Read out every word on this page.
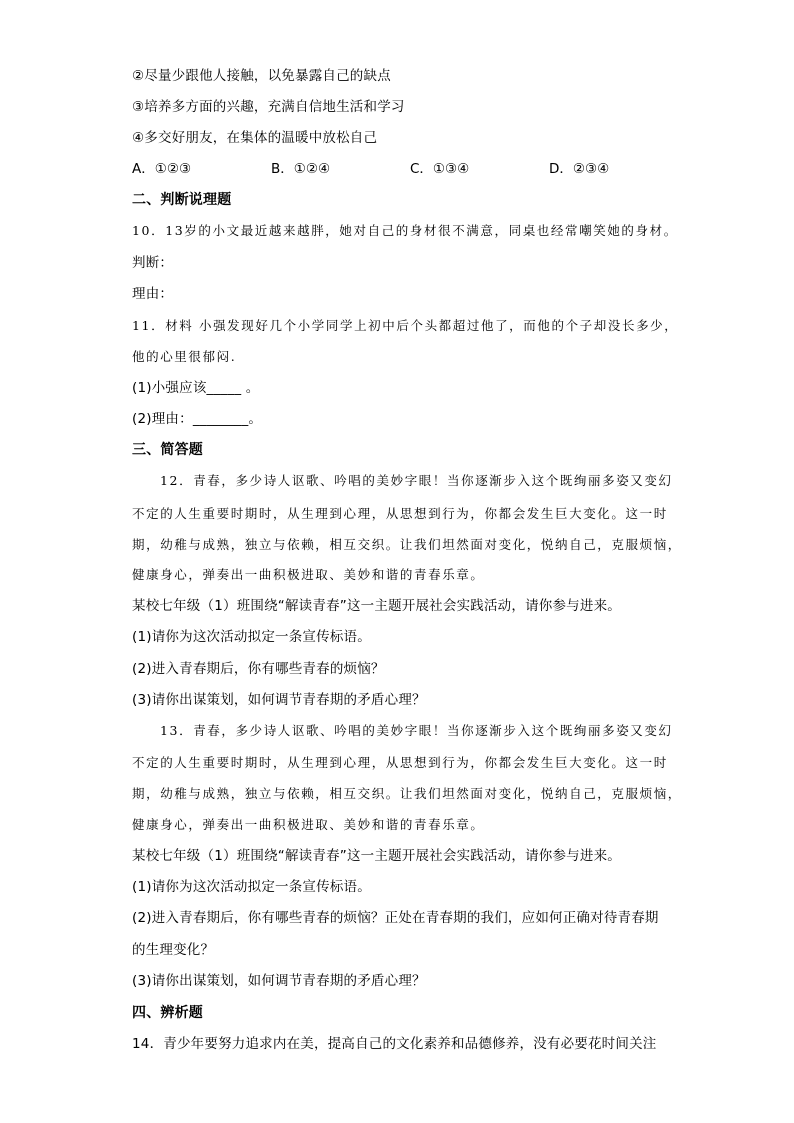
②尽量少跟他人接触，以免暴露自己的缺点
③培养多方面的兴趣，充满自信地生活和学习
④多交好朋友，在集体的温暖中放松自己
A．①②③	B．①②④	C．①③④	D．②③④
二、判断说理题
10．13岁的小文最近越来越胖，她对自己的身材很不满意，同桌也经常嘲笑她的身材。
判断：
理由：
11．材料 小强发现好几个小学同学上初中后个头都超过他了，而他的个子却没长多少，
他的心里很郁闷.
(1)小强应该_____ 。
(2)理由：________。
三、简答题
12．青春，多少诗人讴歌、吟唱的美妙字眼！当你逐渐步入这个既绚丽多姿又变幻
不定的人生重要时期时，从生理到心理，从思想到行为，你都会发生巨大变化。这一时
期，幼稚与成熟，独立与依赖，相互交织。让我们坦然面对变化，悦纳自己，克服烦恼，
健康身心，弹奏出一曲积极进取、美妙和谐的青春乐章。
某校七年级（1）班围绕“解读青春”这一主题开展社会实践活动，请你参与进来。
(1)请你为这次活动拟定一条宣传标语。
(2)进入青春期后，你有哪些青春的烦恼？
(3)请你出谋策划，如何调节青春期的矛盾心理？
13．青春，多少诗人讴歌、吟唱的美妙字眼！当你逐渐步入这个既绚丽多姿又变幻
不定的人生重要时期时，从生理到心理，从思想到行为，你都会发生巨大变化。这一时
期，幼稚与成熟，独立与依赖，相互交织。让我们坦然面对变化，悦纳自己，克服烦恼，
健康身心，弹奏出一曲积极进取、美妙和谐的青春乐章。
某校七年级（1）班围绕“解读青春”这一主题开展社会实践活动，请你参与进来。
(1)请你为这次活动拟定一条宣传标语。
(2)进入青春期后，你有哪些青春的烦恼？正处在青春期的我们，应如何正确对待青春期
的生理变化？
(3)请你出谋策划，如何调节青春期的矛盾心理？
四、辨析题
14．青少年要努力追求内在美，提高自己的文化素养和品德修养，没有必要花时间关注
